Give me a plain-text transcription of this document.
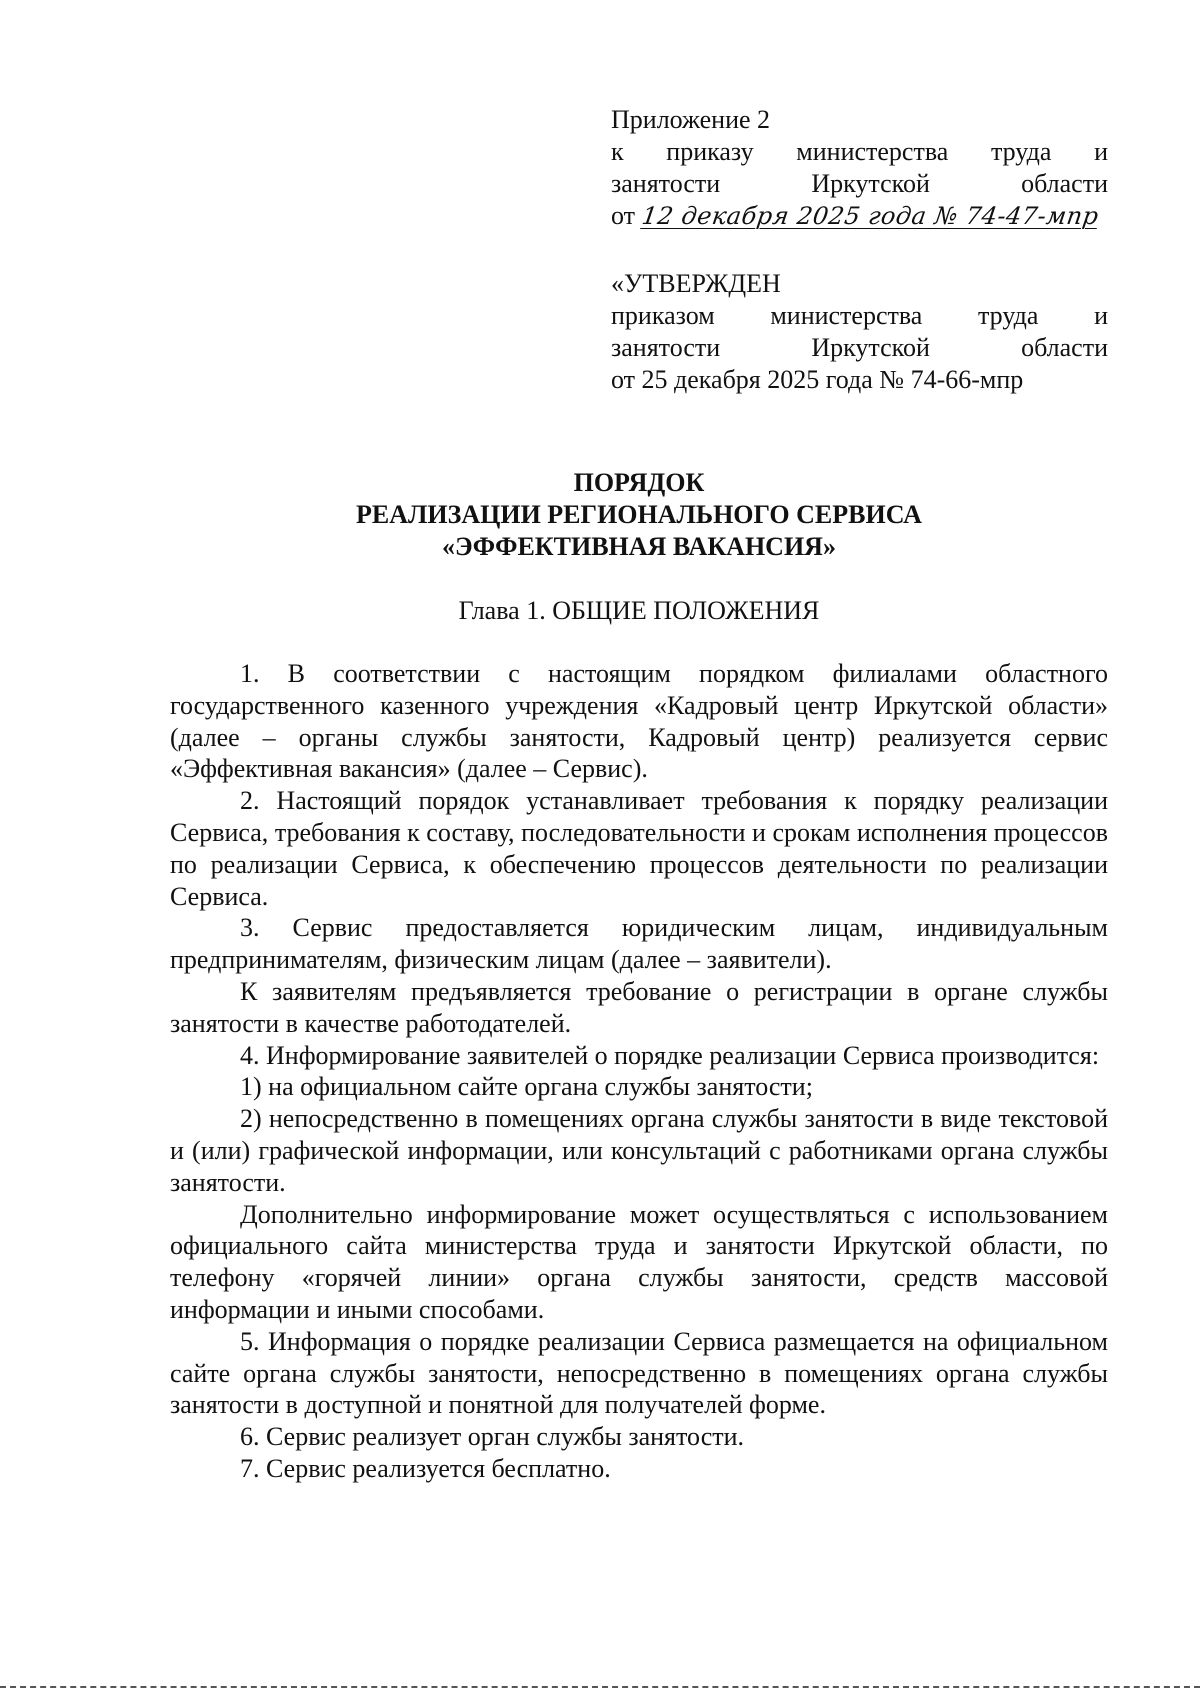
Приложение 2

к приказу министерства труда и

занятости Иркутской области

от 12 декабря 2025 года № 74-47-мпр

«УТВЕРЖДЕН

приказом министерства труда и

занятости Иркутской области

от 25 декабря 2025 года № 74-66-мпр

ПОРЯДОК

РЕАЛИЗАЦИИ РЕГИОНАЛЬНОГО СЕРВИСА

«ЭФФЕКТИВНАЯ ВАКАНСИЯ»

Глава 1. ОБЩИЕ ПОЛОЖЕНИЯ

1. В соответствии с настоящим порядком филиалами областного государственного казенного учреждения «Кадровый центр Иркутской области» (далее – органы службы занятости, Кадровый центр) реализуется сервис «Эффективная вакансия» (далее – Сервис).

2. Настоящий порядок устанавливает требования к порядку реализации Сервиса, требования к составу, последовательности и срокам исполнения процессов по реализации Сервиса, к обеспечению процессов деятельности по реализации Сервиса.

3. Сервис предоставляется юридическим лицам, индивидуальным предпринимателям, физическим лицам (далее – заявители).

К заявителям предъявляется требование о регистрации в органе службы занятости в качестве работодателей.

4. Информирование заявителей о порядке реализации Сервиса производится:

1) на официальном сайте органа службы занятости;

2) непосредственно в помещениях органа службы занятости в виде текстовой и (или) графической информации, или консультаций с работниками органа службы занятости.

Дополнительно информирование может осуществляться с использованием официального сайта министерства труда и занятости Иркутской области, по телефону «горячей линии» органа службы занятости, средств массовой информации и иными способами.

5. Информация о порядке реализации Сервиса размещается на официальном сайте органа службы занятости, непосредственно в помещениях органа службы занятости в доступной и понятной для получателей форме.

6. Сервис реализует орган службы занятости.

7. Сервис реализуется бесплатно.
